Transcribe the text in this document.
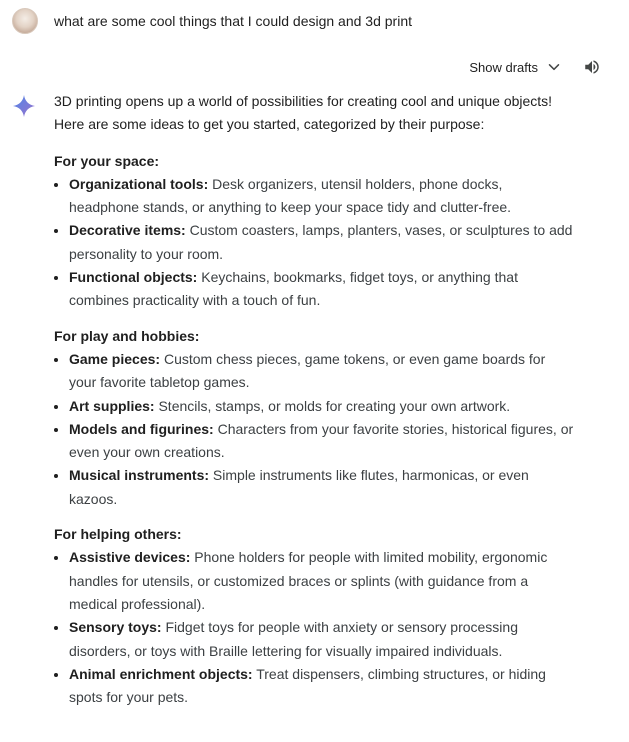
what are some cool things that I could design and 3d print
Show drafts

3D printing opens up a world of possibilities for creating cool and unique objects! Here are some ideas to get you started, categorized by their purpose:

For your space:

• Organizational tools: Desk organizers, utensil holders, phone docks, headphone stands, or anything to keep your space tidy and clutter-free.
• Decorative items: Custom coasters, lamps, planters, vases, or sculptures to add personality to your room.
• Functional objects: Keychains, bookmarks, fidget toys, or anything that combines practicality with a touch of fun.

For play and hobbies:

• Game pieces: Custom chess pieces, game tokens, or even game boards for your favorite tabletop games.
• Art supplies: Stencils, stamps, or molds for creating your own artwork.
• Models and figurines: Characters from your favorite stories, historical figures, or even your own creations.
• Musical instruments: Simple instruments like flutes, harmonicas, or even kazoos.

For helping others:

• Assistive devices: Phone holders for people with limited mobility, ergonomic handles for utensils, or customized braces or splints (with guidance from a medical professional).
• Sensory toys: Fidget toys for people with anxiety or sensory processing disorders, or toys with Braille lettering for visually impaired individuals.
• Animal enrichment objects: Treat dispensers, climbing structures, or hiding spots for your pets.
